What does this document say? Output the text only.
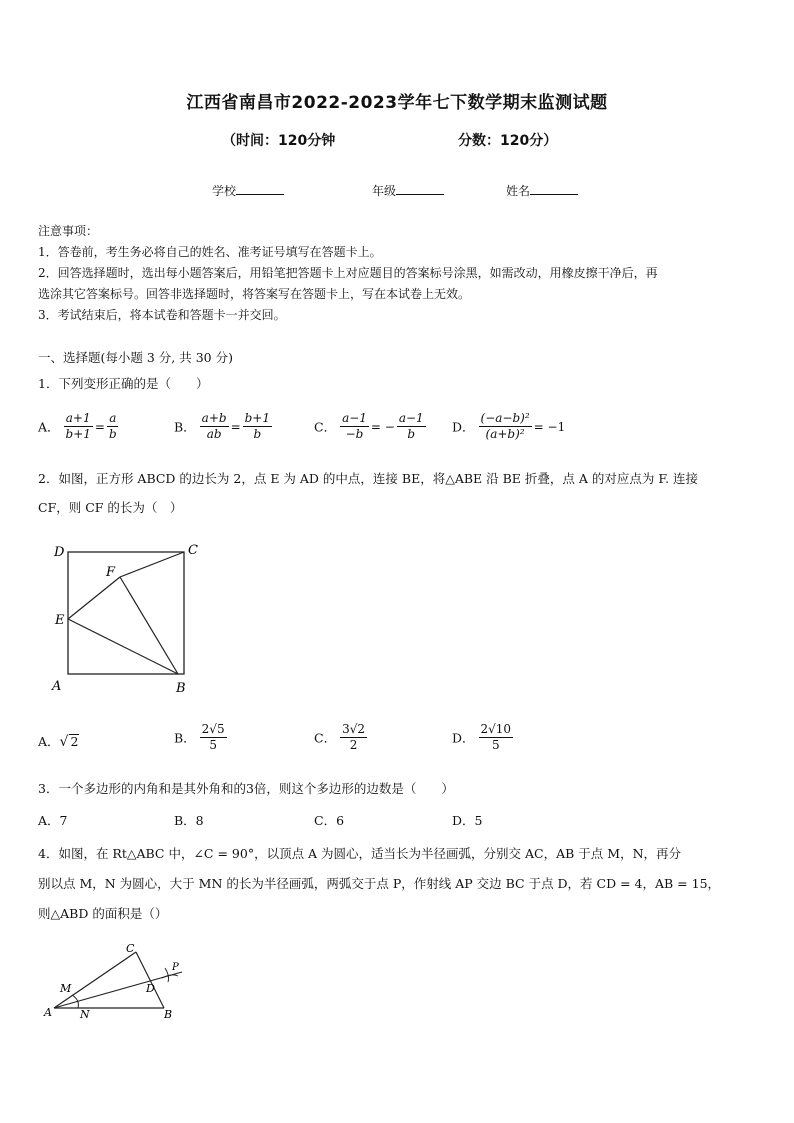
江西省南昌市2022-2023学年七下数学期末监测试题
（时间：120分钟	分数：120分）
学校	年级	姓名
注意事项：
1．答卷前，考生务必将自己的姓名、准考证号填写在答题卡上。
2．回答选择题时，选出每小题答案后，用铅笔把答题卡上对应题目的答案标号涂黑，如需改动，用橡皮擦干净后，再
选涂其它答案标号。回答非选择题时，将答案写在答题卡上，写在本试卷上无效。
3．考试结束后，将本试卷和答题卡一并交回。
一、选择题(每小题 3 分, 共 30 分)
1．下列变形正确的是（　　）
A． $\frac{a+1}{b+1} = \frac{a}{b}$	B． $\frac{a+b}{ab} = \frac{b+1}{b}$	C． $\frac{a-1}{-b}$ = − $\frac{a-1}{b}$ D． $\frac{\text{(−a−b)²}}{\text{(a+b)²}} = -1$
2．如图，正方形 ABCD 的边长为 2，点 E 为 AD 的中点，连接 BE，将△ABE 沿 BE 折叠，点 A 的对应点为 F. 连接
CF，则 CF 的长为（　）
D	C
F
E
A	B
A．√ 2	B． $\frac{2√5}{5}$	C． $\frac{3√2}{2}$	D． $\frac{2√10}{5}$
3．一个多边形的内角和是其外角和的3倍，则这个多边形的边数是（　　）
A．7	B．8	C．6	D．5
4．如图，在 Rt△ABC 中，∠C = 90°，以顶点 A 为圆心，适当长为半径画弧，分别交 AC，AB 于点 M，N，再分
别以点 M，N 为圆心，大于 MN 的长为半径画弧，两弧交于点 P，作射线 AP 交边 BC 于点 D，若 CD = 4，AB = 15，
则△ABD 的面积是（）
C
M	D
P
A	N	B
